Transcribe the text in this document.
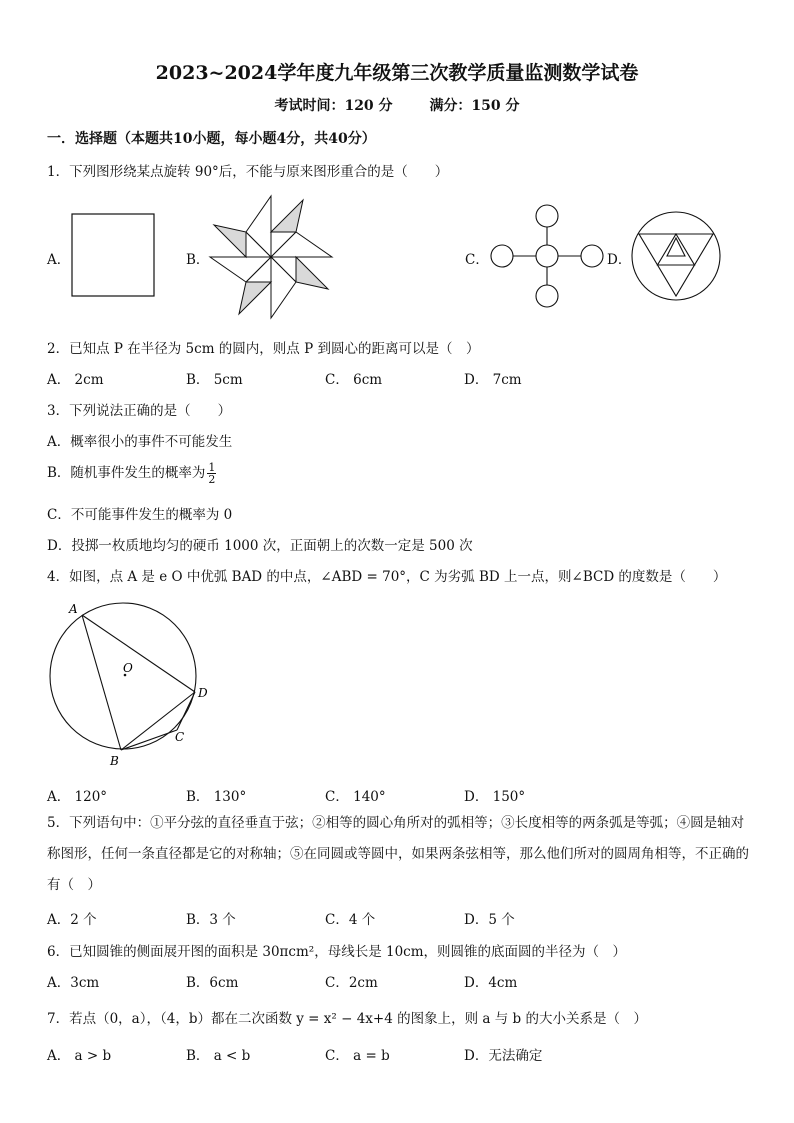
2023~2024学年度九年级第三次教学质量监测数学试卷
考试时间：120 分	满分：150 分
一．选择题（本题共10小题，每小题4分，共40分）
1．下列图形绕某点旋转 90°后，不能与原来图形重合的是（　　）
A．	B．	C．	D．
2．已知点 P 在半径为 5cm 的圆内，则点 P 到圆心的距离可以是（　）
A． 2cm	B． 5cm	C． 6cm	D． 7cm
3．下列说法正确的是（　　）
A．概率很小的事件不可能发生
B．随机事件发生的概率为 $\frac{1}{2}$
C．不可能事件发生的概率为 0
D．投掷一枚质地均匀的硬币 1000 次，正面朝上的次数一定是 500 次
4．如图，点 A 是 e O 中优弧 BAD 的中点，∠ABD = 70°，C 为劣弧 BD 上一点，则∠BCD 的度数是（　　）
A
O
D
C
B
A． 120°	B． 130°	C． 140°	D． 150°
5．下列语句中：①平分弦的直径垂直于弦；②相等的圆心角所对的弧相等；③长度相等的两条弧是等弧；④圆是轴对称图形，任何一条直径都是它的对称轴；⑤在同圆或等圆中，如果两条弦相等，那么他们所对的圆周角相等，不正确的有（　）
A．2 个	B．3 个	C．4 个	D．5 个
6．已知圆锥的侧面展开图的面积是 30πcm²，母线长是 10cm，则圆锥的底面圆的半径为（　）
A．3cm	B．6cm	C．2cm	D．4cm
7．若点（0，a），（4，b）都在二次函数 y = x² − 4x+4 的图象上，则 a 与 b 的大小关系是（　）
A． a > b	B． a < b	C． a = b	D．无法确定
